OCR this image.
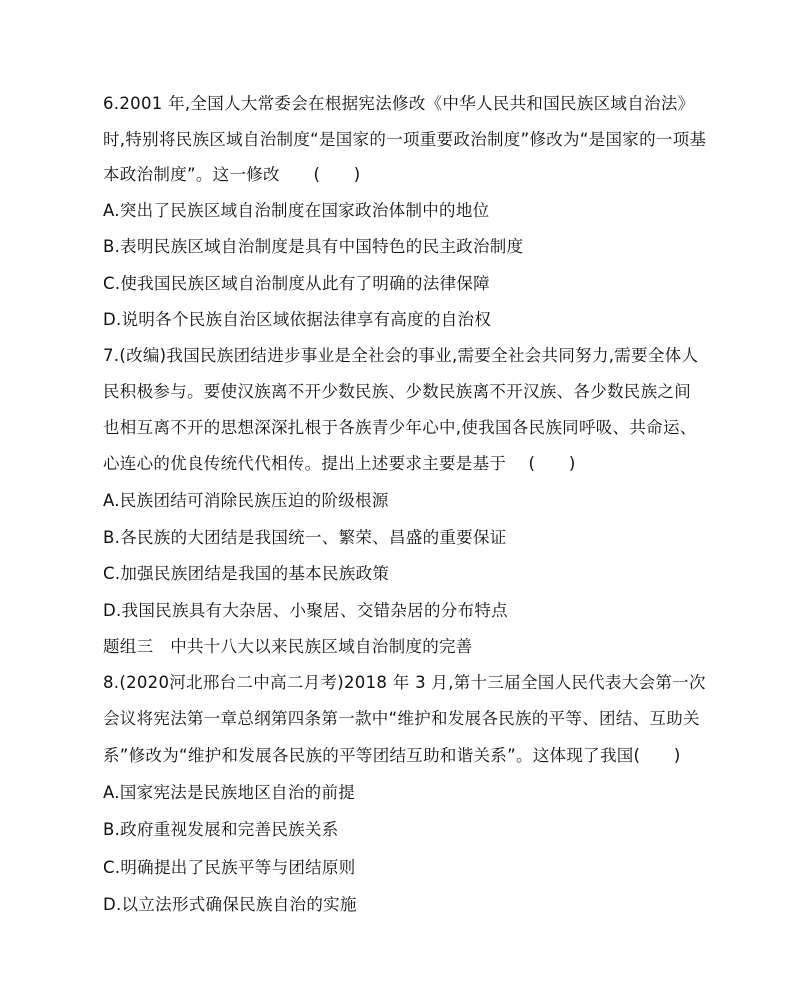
6.2001 年,全国人大常委会在根据宪法修改《中华人民共和国民族区域自治法》
时,特别将民族区域自治制度“是国家的一项重要政治制度”修改为“是国家的一项基
本政治制度”。这一修改　　(　　)
A.突出了民族区域自治制度在国家政治体制中的地位
B.表明民族区域自治制度是具有中国特色的民主政治制度
C.使我国民族区域自治制度从此有了明确的法律保障
D.说明各个民族自治区域依据法律享有高度的自治权
7.(改编)我国民族团结进步事业是全社会的事业,需要全社会共同努力,需要全体人
民积极参与。要使汉族离不开少数民族、少数民族离不开汉族、各少数民族之间
也相互离不开的思想深深扎根于各族青少年心中,使我国各民族同呼吸、共命运、
心连心的优良传统代代相传。提出上述要求主要是基于　 (　　)
A.民族团结可消除民族压迫的阶级根源
B.各民族的大团结是我国统一、繁荣、昌盛的重要保证
C.加强民族团结是我国的基本民族政策
D.我国民族具有大杂居、小聚居、交错杂居的分布特点
题组三　中共十八大以来民族区域自治制度的完善
8.(2020河北邢台二中高二月考)2018 年 3 月,第十三届全国人民代表大会第一次
会议将宪法第一章总纲第四条第一款中“维护和发展各民族的平等、团结、互助关
系”修改为“维护和发展各民族的平等团结互助和谐关系”。这体现了我国(　　)
A.国家宪法是民族地区自治的前提
B.政府重视发展和完善民族关系
C.明确提出了民族平等与团结原则
D.以立法形式确保民族自治的实施
